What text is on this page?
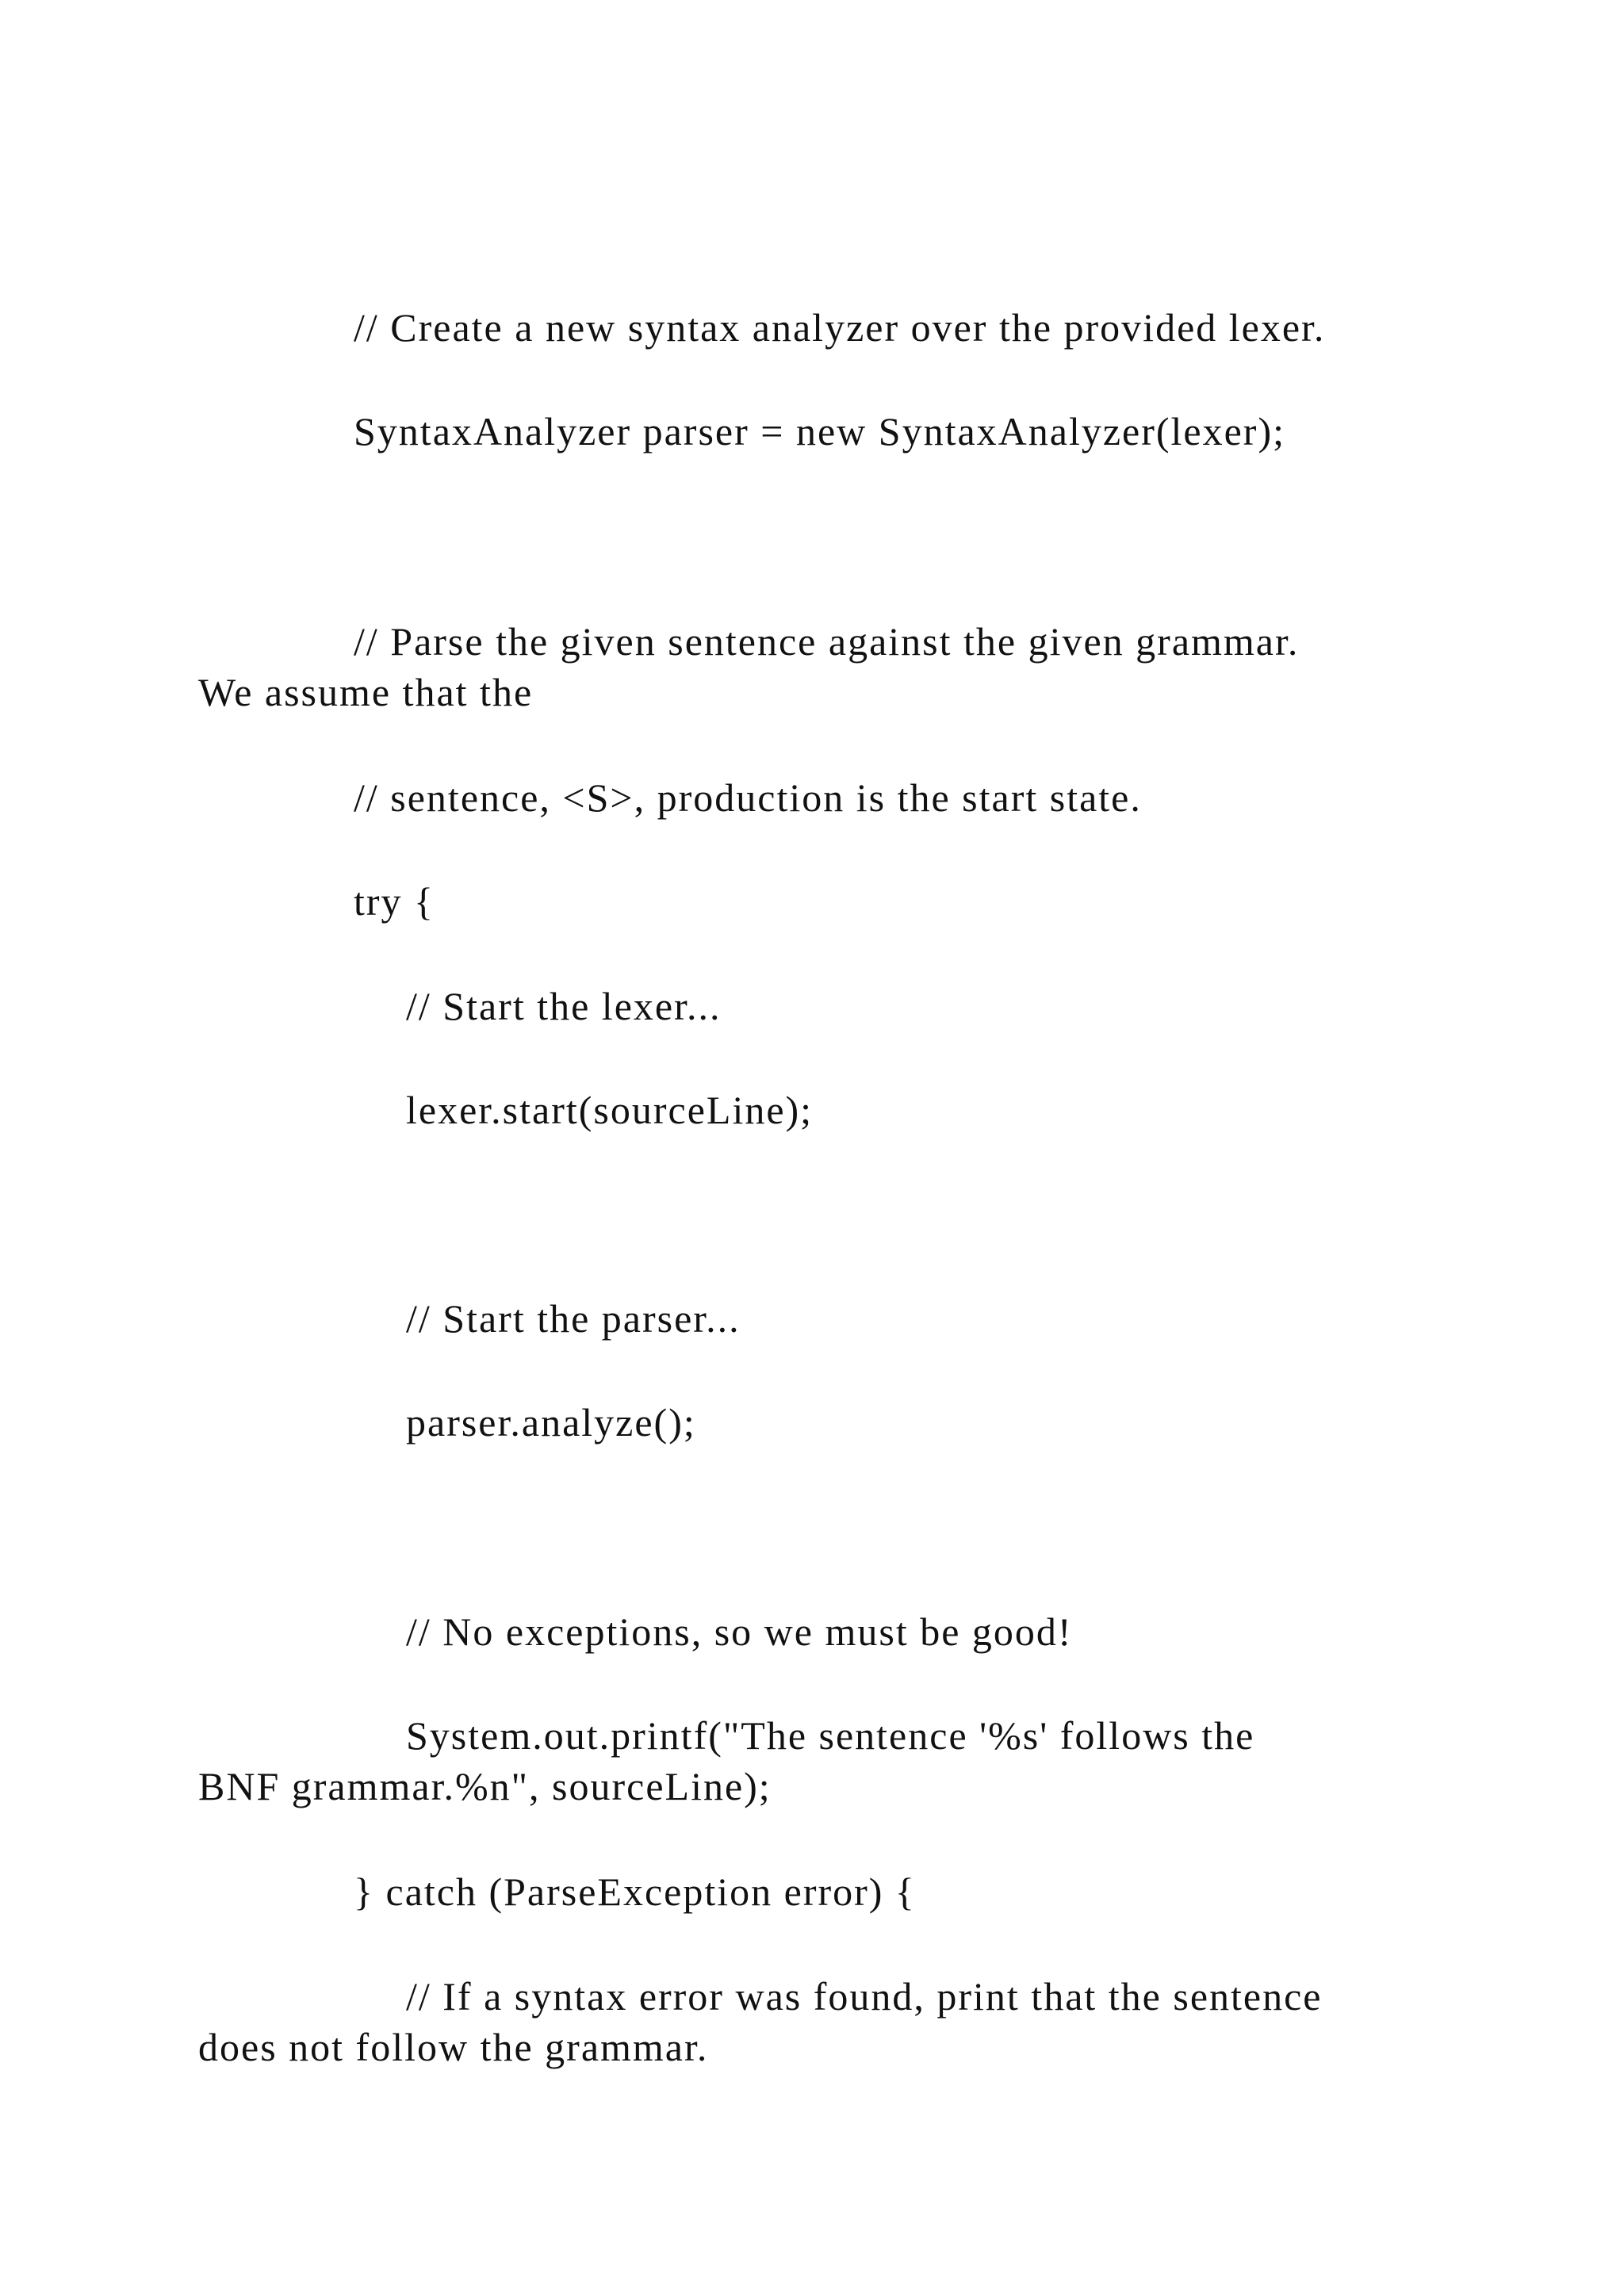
// Create a new syntax analyzer over the provided lexer.
SyntaxAnalyzer parser = new SyntaxAnalyzer(lexer);
// Parse the given sentence against the given grammar.
We assume that the
// sentence, <S>, production is the start state.
try {
// Start the lexer...
lexer.start(sourceLine);
// Start the parser...
parser.analyze();
// No exceptions, so we must be good!
System.out.printf("The sentence '%s' follows the
BNF grammar.%n", sourceLine);
} catch (ParseException error) {
// If a syntax error was found, print that the sentence
does not follow the grammar.
